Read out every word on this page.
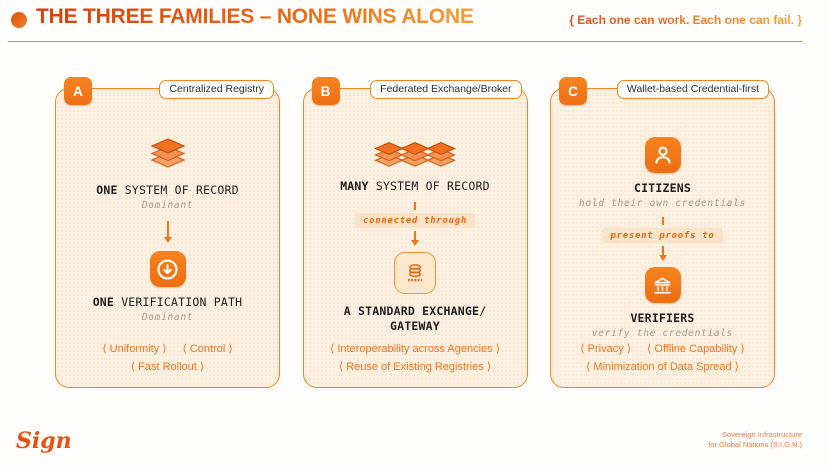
THE THREE FAMILIES – NONE WINS ALONE	{ Each one can work. Each one can fail. }
A	Centralized Registry
ONE SYSTEM OF RECORD
Dominant
ONE VERIFICATION PATH
Dominant
⟨ Uniformity ⟩ ⟨ Control ⟩
⟨ Fast Rollout ⟩
B	Federated Exchange/Broker
MANY SYSTEM OF RECORD
connected through
A STANDARD EXCHANGE/
GATEWAY
⟨ Interoperability across Agencies ⟩
⟨ Reuse of Existing Registries ⟩
C	Wallet-based Credential-first
CITIZENS
hold their own credentials
present proofs to
VERIFIERS
verify the credentials
⟨ Privacy ⟩ ⟨ Offline Capability ⟩
⟨ Minimization of Data Spread ⟩
Sign	Sovereign Infrastructure
for Global Nations (S.I.G.N.)
